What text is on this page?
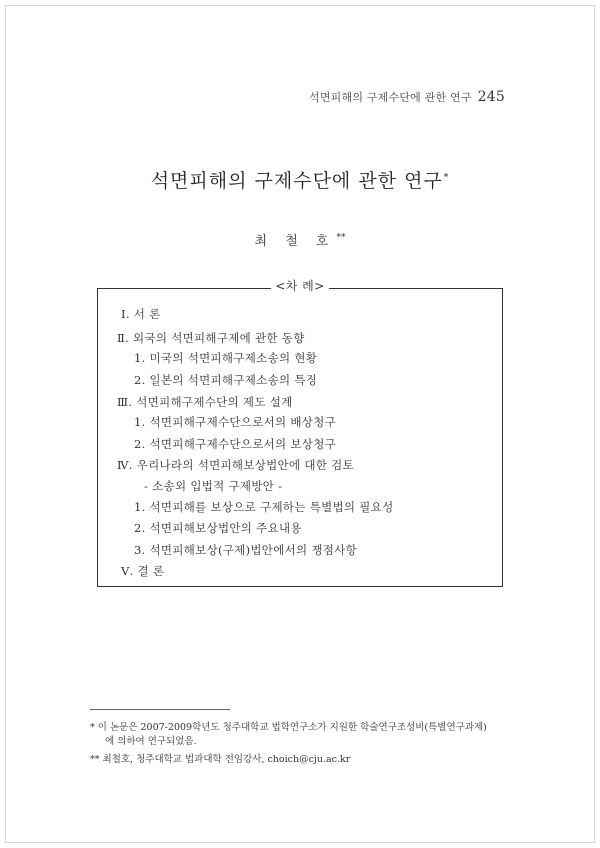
석면피해의 구제수단에 관한 연구 245
석면피해의 구제수단에 관한 연구*
최 철 호**
<차 례>
Ⅰ. 서 론
Ⅱ. 외국의 석면피해구제에 관한 동향
1. 미국의 석면피해구제소송의 현황
2. 일본의 석면피해구제소송의 특징
Ⅲ. 석면피해구제수단의 제도 설계
1. 석면피해구제수단으로서의 배상청구
2. 석면피해구제수단으로서의 보상청구
Ⅳ. 우리나라의 석면피해보상법안에 대한 검토
- 소송외 입법적 구제방안 -
1. 석면피해를 보상으로 구제하는 특별법의 필요성
2. 석면피해보상법안의 주요내용
3. 석면피해보상(구제)법안에서의 쟁점사항
Ⅴ. 결 론
* 이 논문은 2007-2009학년도 청주대학교 법학연구소가 지원한 학술연구조성비(특별연구과제)
에 의하여 연구되었음.
** 최철호, 청주대학교 법과대학 전임강사, choich@cju.ac.kr
